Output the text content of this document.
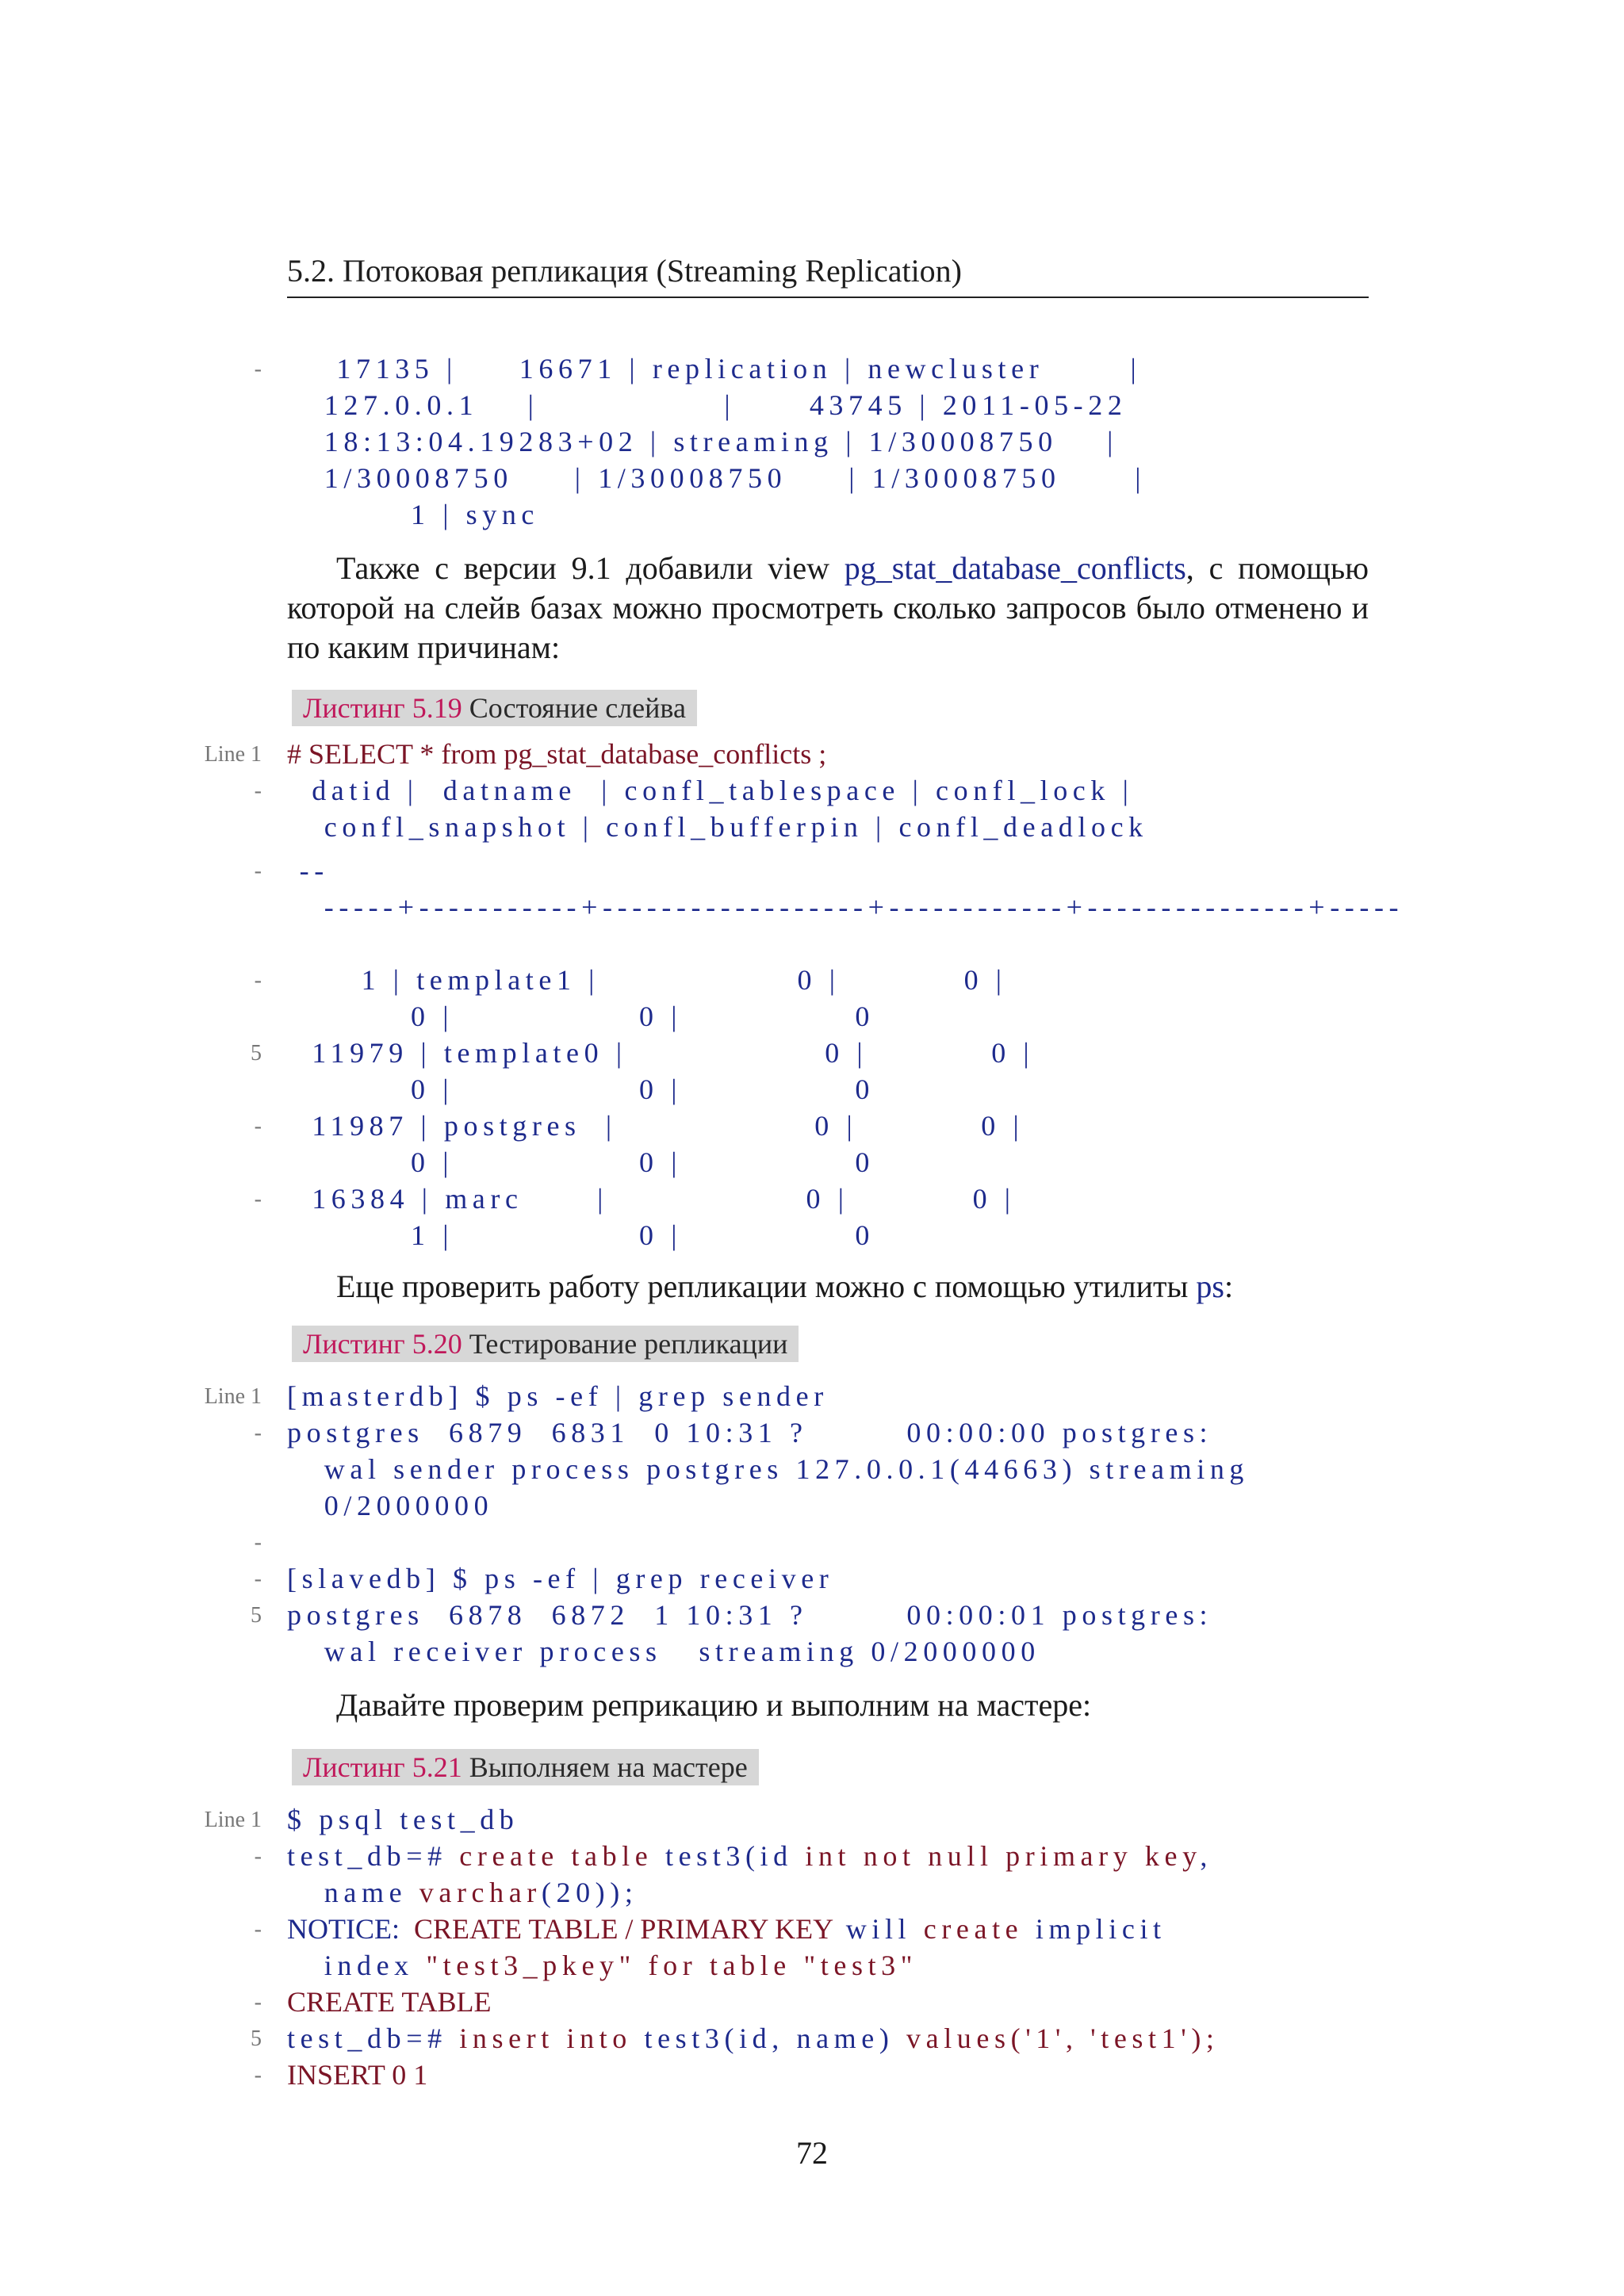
5.2. Потоковая репликация (Streaming Replication)
- 17135 |     16671 | replication | newcluster       |
127.0.0.1    |               |      43745 | 2011-05-22
18:13:04.19283+02 | streaming | 1/30008750    |
1/30008750     | 1/30008750     | 1/30008750      |
1 | sync
Также с версии 9.1 добавили view pg_stat_database_conflicts, с помощью которой на слейв базах можно просмотреть сколько запросов было отменено и по каким причинам:
Листинг 5.19 Состояние слейва
Line 1 # SELECT * from pg_stat_database_conflicts ;
- datid |  datname  | confl_tablespace | confl_lock |
confl_snapshot | confl_bufferpin | confl_deadlock
- --
-----+-----------+------------------+------------+---------------+-----
- 1 | template1 |                0 |          0 |
0 |               0 |              0
5 11979 | template0 |                0 |          0 |
0 |               0 |              0
- 11987 | postgres  |                0 |          0 |
0 |               0 |              0
- 16384 | marc      |                0 |          0 |
1 |               0 |              0
Еще проверить работу репликации можно с помощью утилиты ps:
Листинг 5.20 Тестирование репликации
Line 1 [masterdb] $ ps -ef | grep sender
- postgres  6879  6831  0 10:31 ?        00:00:00 postgres:
wal sender process postgres 127.0.0.1(44663) streaming
0/2000000
-
- [slavedb] $ ps -ef | grep receiver
5 postgres  6878  6872  1 10:31 ?        00:00:01 postgres:
wal receiver process   streaming 0/2000000
Давайте проверим реприкацию и выполним на мастере:
Листинг 5.21 Выполняем на мастере
Line 1 $ psql test_db
- test_db=# create table test3(id int not null primary key,
name varchar(20));
- NOTICE:  CREATE TABLE / PRIMARY KEY will create implicit
index "test3_pkey" for table "test3"
- CREATE TABLE
5 test_db=# insert into test3(id, name) values('1', 'test1');
- INSERT 0 1
72
